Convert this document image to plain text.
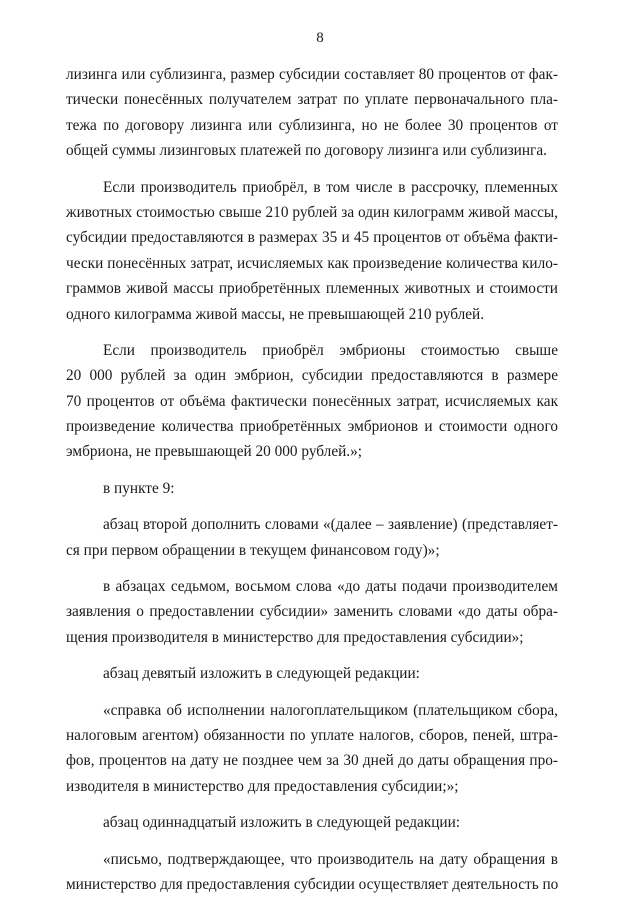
8
лизинга или сублизинга, размер субсидии составляет 80 процентов от фак-
тически понесённых получателем затрат по уплате первоначального пла-
тежа по договору лизинга или сублизинга, но не более 30 процентов от
общей суммы лизинговых платежей по договору лизинга или сублизинга.
Если производитель приобрёл, в том числе в рассрочку, племенных
животных стоимостью свыше 210 рублей за один килограмм живой массы,
субсидии предоставляются в размерах 35 и 45 процентов от объёма факти-
чески понесённых затрат, исчисляемых как произведение количества кило-
граммов живой массы приобретённых племенных животных и стоимости
одного килограмма живой массы, не превышающей 210 рублей.
Если производитель приобрёл эмбрионы стоимостью свыше
20 000 рублей за один эмбрион, субсидии предоставляются в размере
70 процентов от объёма фактически понесённых затрат, исчисляемых как
произведение количества приобретённых эмбрионов и стоимости одного
эмбриона, не превышающей 20 000 рублей.»;
в пункте 9:
абзац второй дополнить словами «(далее – заявление) (представляет-
ся при первом обращении в текущем финансовом году)»;
в абзацах седьмом, восьмом слова «до даты подачи производителем
заявления о предоставлении субсидии» заменить словами «до даты обра-
щения производителя в министерство для предоставления субсидии»;
абзац девятый изложить в следующей редакции:
«справка об исполнении налогоплательщиком (плательщиком сбора,
налоговым агентом) обязанности по уплате налогов, сборов, пеней, штра-
фов, процентов на дату не позднее чем за 30 дней до даты обращения про-
изводителя в министерство для предоставления субсидии;»;
абзац одиннадцатый изложить в следующей редакции:
«письмо, подтверждающее, что производитель на дату обращения в
министерство для предоставления субсидии осуществляет деятельность по
